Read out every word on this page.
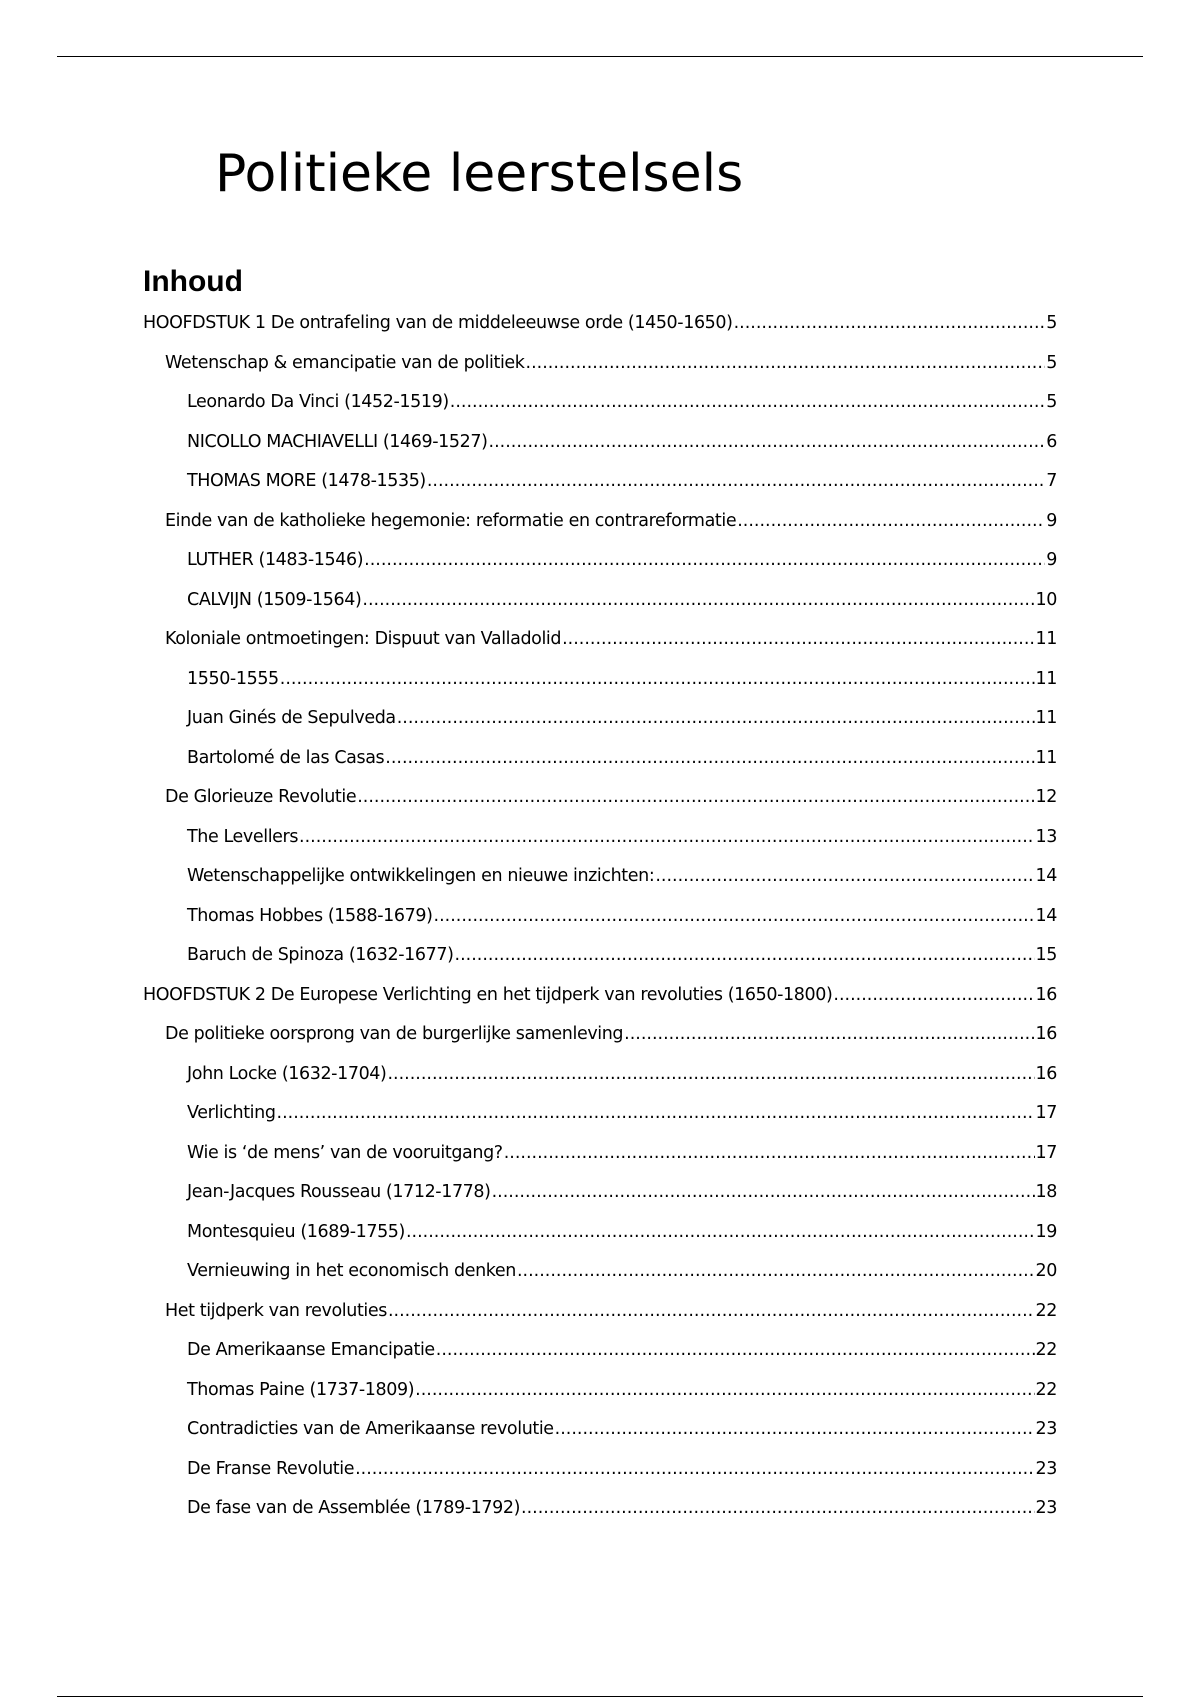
Politieke leerstelsels
Inhoud
HOOFDSTUK 1 De ontrafeling van de middeleeuwse orde (1450-1650) .....	5
Wetenschap & emancipatie van de politiek .....	5
Leonardo Da Vinci (1452-1519) .....	5
NICOLLO MACHIAVELLI (1469-1527) .....	6
THOMAS MORE (1478-1535) .....	7
Einde van de katholieke hegemonie: reformatie en contrareformatie .....	9
LUTHER (1483-1546) .....	9
CALVIJN (1509-1564) .....	10
Koloniale ontmoetingen: Dispuut van Valladolid .....	11
1550-1555 .....	11
Juan Ginés de Sepulveda .....	11
Bartolomé de las Casas .....	11
De Glorieuze Revolutie .....	12
The Levellers .....	13
Wetenschappelijke ontwikkelingen en nieuwe inzichten: .....	14
Thomas Hobbes (1588-1679) .....	14
Baruch de Spinoza (1632-1677) .....	15
HOOFDSTUK 2 De Europese Verlichting en het tijdperk van revoluties (1650-1800) .....	16
De politieke oorsprong van de burgerlijke samenleving .....	16
John Locke (1632-1704) .....	16
Verlichting .....	17
Wie is ‘de mens’ van de vooruitgang? .....	17
Jean-Jacques Rousseau (1712-1778) .....	18
Montesquieu (1689-1755) .....	19
Vernieuwing in het economisch denken .....	20
Het tijdperk van revoluties .....	22
De Amerikaanse Emancipatie .....	22
Thomas Paine (1737-1809) .....	22
Contradicties van de Amerikaanse revolutie .....	23
De Franse Revolutie .....	23
De fase van de Assemblée (1789-1792) .....	23
